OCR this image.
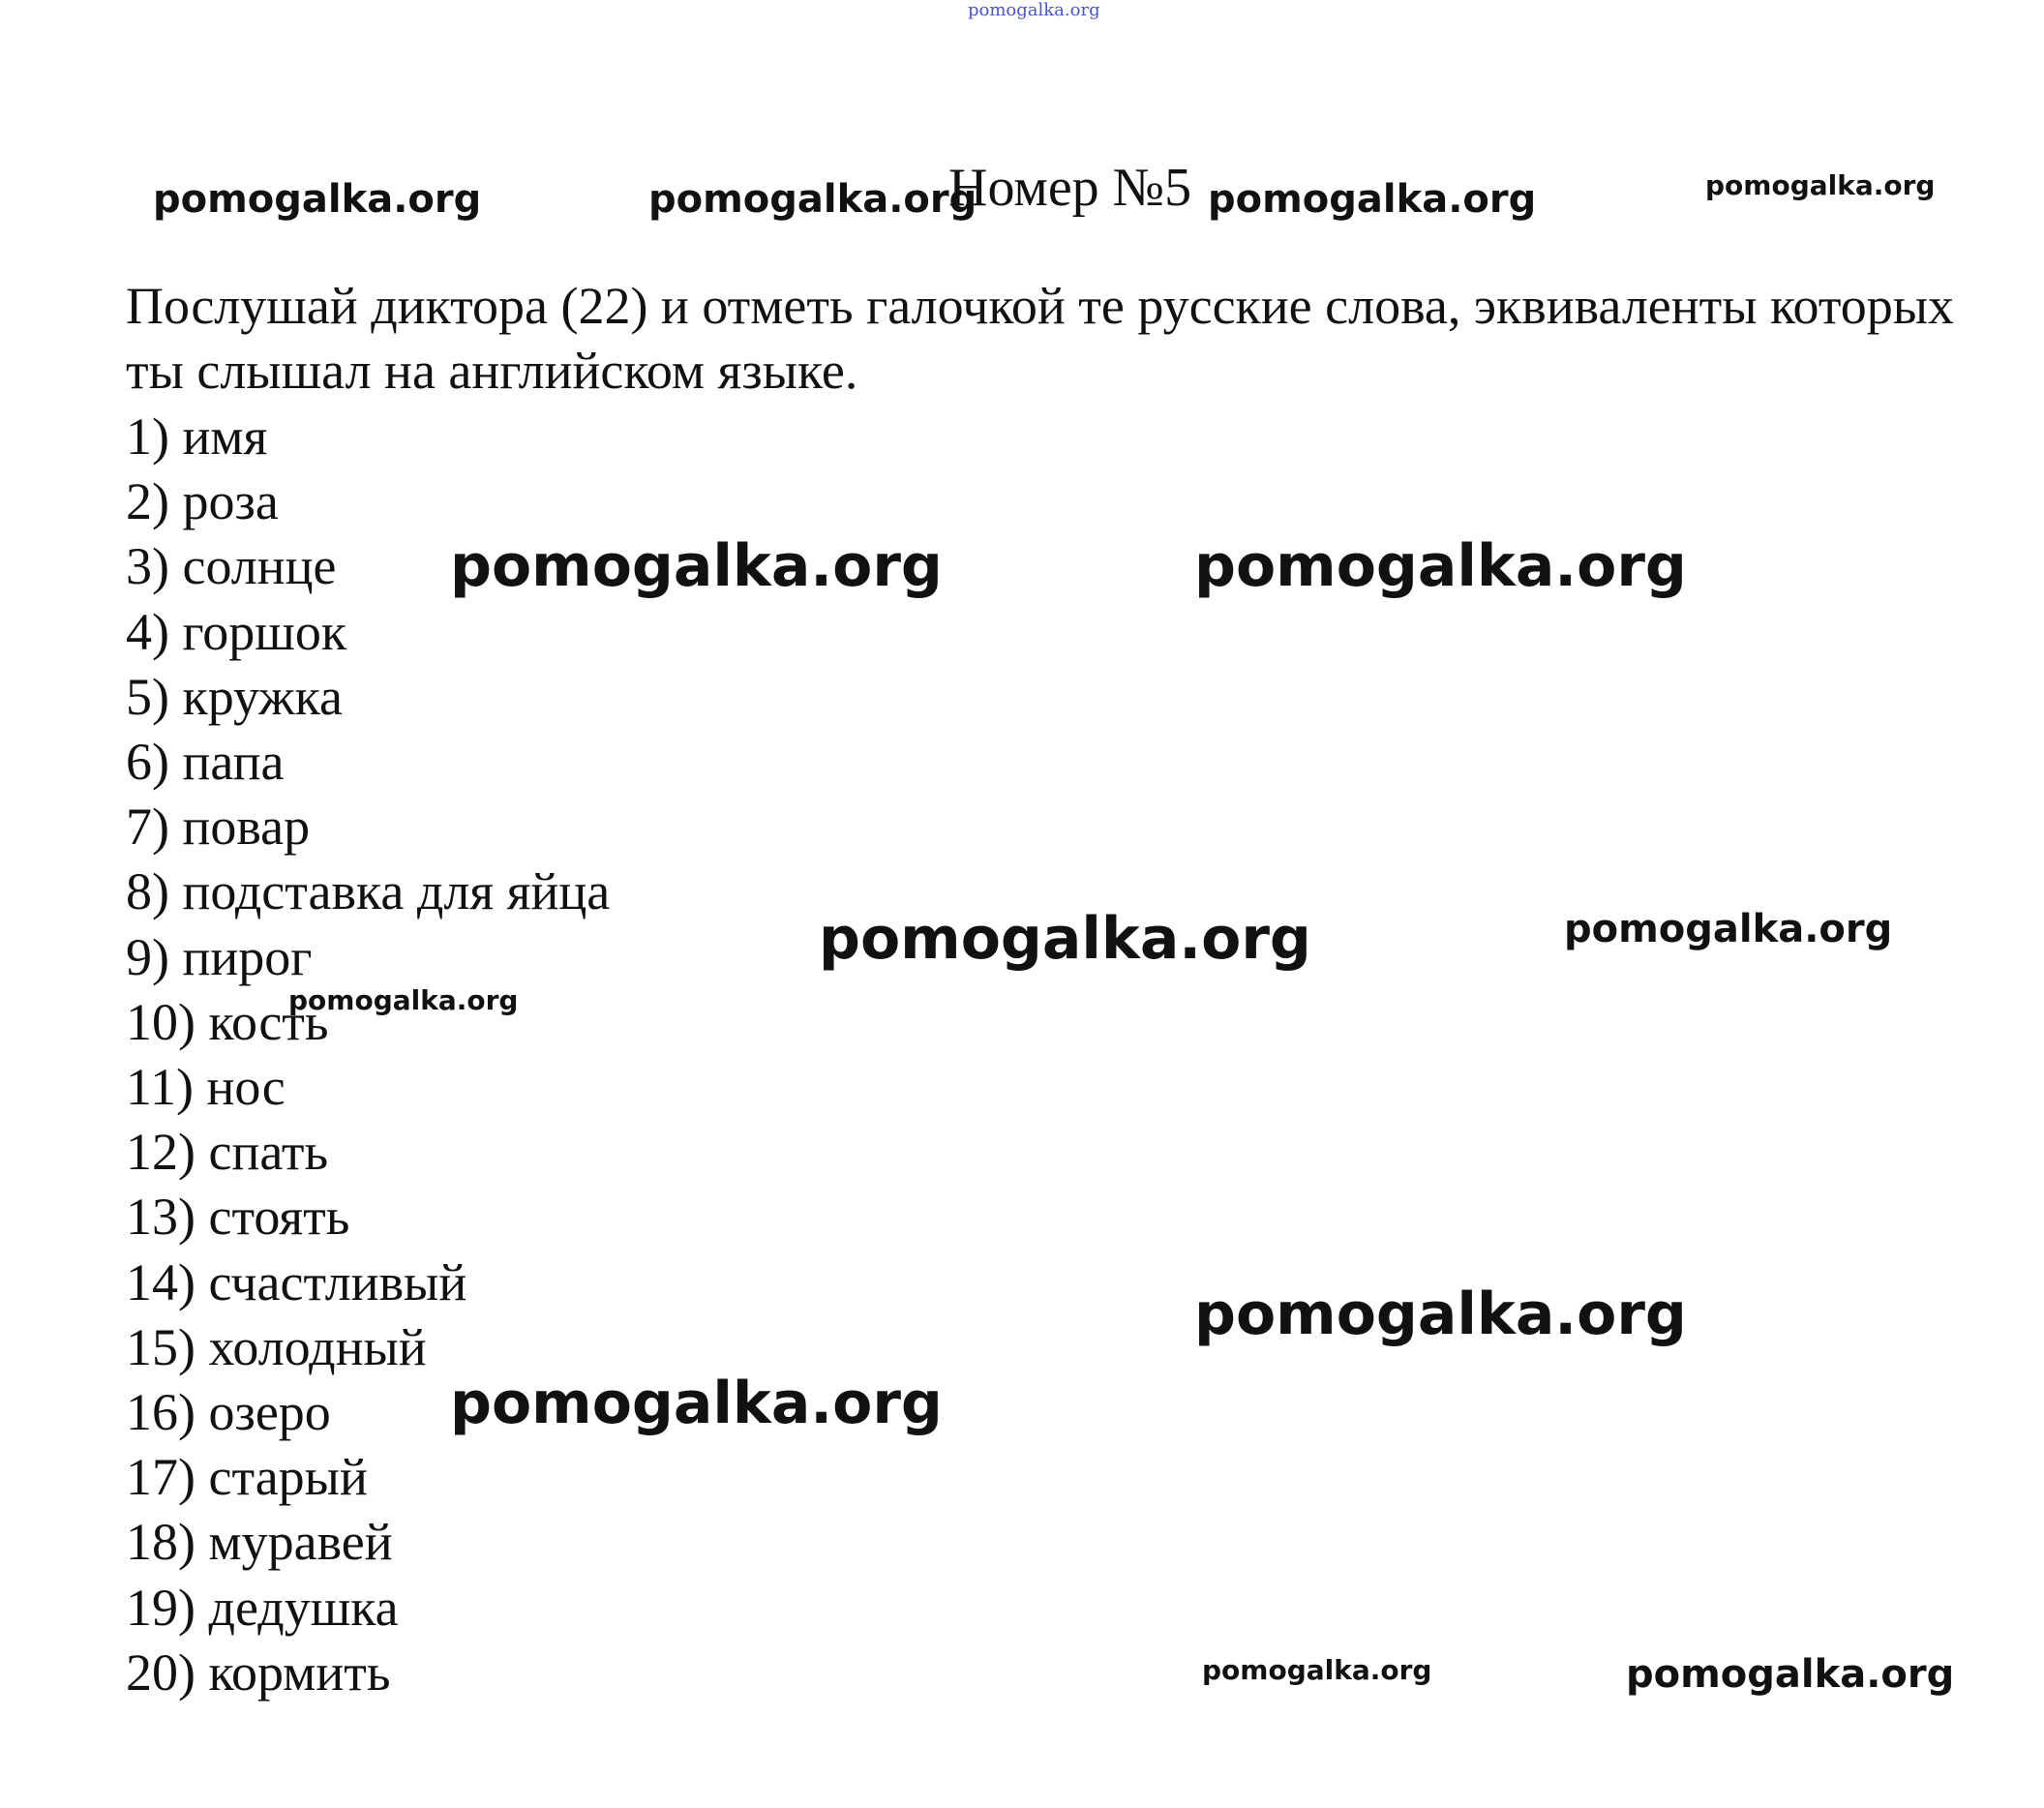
pomogalka.org
pomogalka.org	pomogalka.org
Номер №5 pomogalka.org	pomogalka.org

Послушай диктора (22) и отметь галочкой те русские слова, эквиваленты которых ты слышал на английском языке.

1) имя
2) роза
3) солнце
4) горшок
5) кружка
6) папа
7) повар
8) подставка для яйца
9) пирог
10) кость
11) нос
12) спать
13) стоять
14) счастливый
15) холодный
16) озеро
17) старый
18) муравей
19) дедушка
20) кормить
pomogalka.org	pomogalka.org
pomogalka.org	pomogalka.org
pomogalka.org
pomogalka.org
pomogalka.org
pomogalka.org	pomogalka.org
